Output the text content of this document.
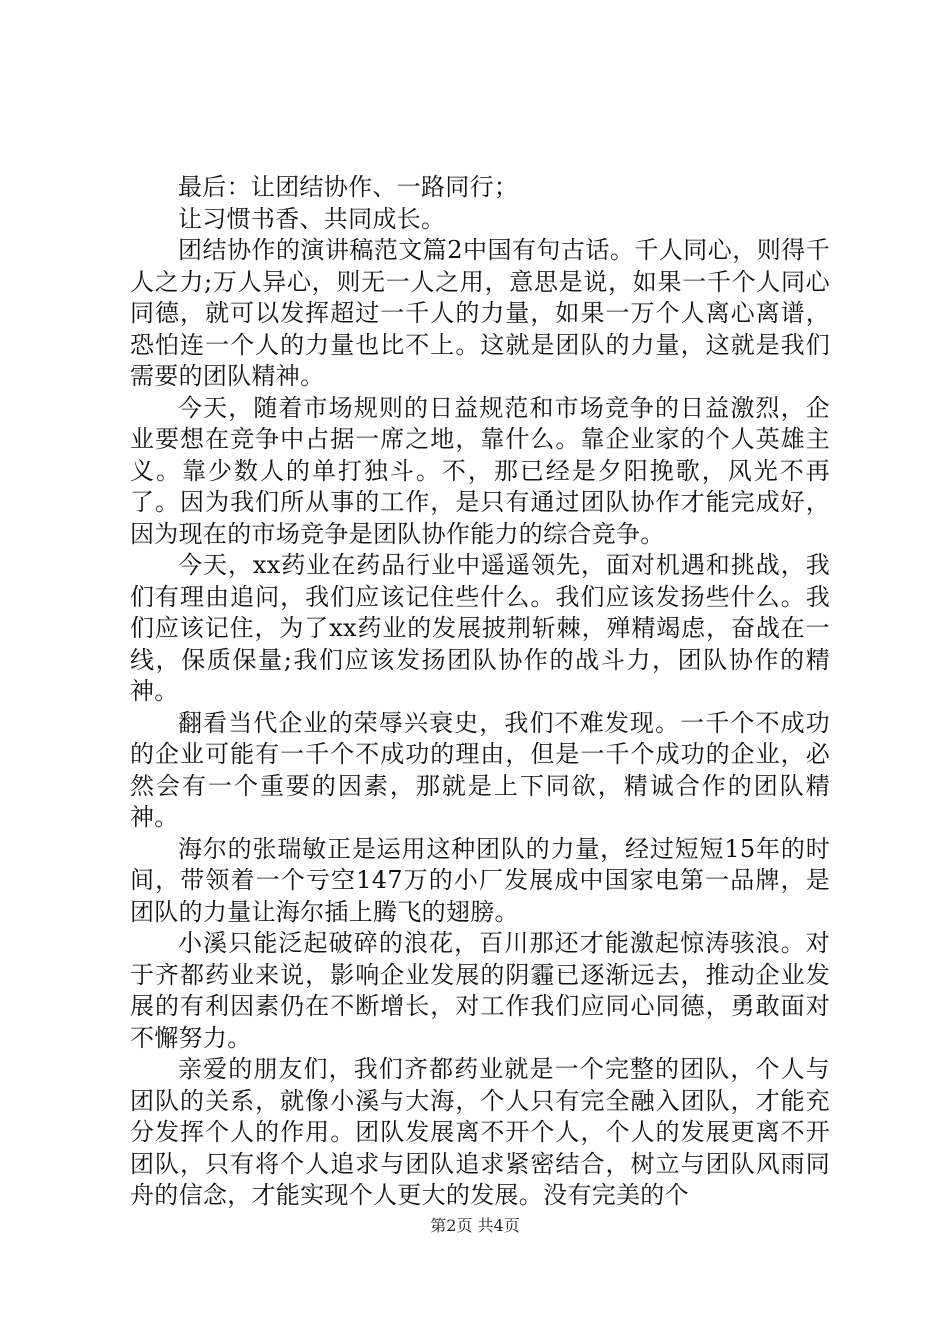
最后：让团结协作、一路同行；

让习惯书香、共同成长。

团结协作的演讲稿范文篇2中国有句古话。千人同心，则得千人之力;万人异心，则无一人之用，意思是说，如果一千个人同心同德，就可以发挥超过一千人的力量，如果一万个人离心离谱，恐怕连一个人的力量也比不上。这就是团队的力量，这就是我们需要的团队精神。

今天，随着市场规则的日益规范和市场竞争的日益激烈，企业要想在竞争中占据一席之地，靠什么。靠企业家的个人英雄主义。靠少数人的单打独斗。不，那已经是夕阳挽歌，风光不再了。因为我们所从事的工作，是只有通过团队协作才能完成好，因为现在的市场竞争是团队协作能力的综合竞争。

今天，xx药业在药品行业中遥遥领先，面对机遇和挑战，我们有理由追问，我们应该记住些什么。我们应该发扬些什么。我们应该记住，为了xx药业的发展披荆斩棘，殚精竭虑，奋战在一线，保质保量;我们应该发扬团队协作的战斗力，团队协作的精神。

翻看当代企业的荣辱兴衰史，我们不难发现。一千个不成功的企业可能有一千个不成功的理由，但是一千个成功的企业，必然会有一个重要的因素，那就是上下同欲，精诚合作的团队精神。

海尔的张瑞敏正是运用这种团队的力量，经过短短15年的时间，带领着一个亏空147万的小厂发展成中国家电第一品牌，是团队的力量让海尔插上腾飞的翅膀。

小溪只能泛起破碎的浪花，百川那还才能激起惊涛骇浪。对于齐都药业来说，影响企业发展的阴霾已逐渐远去，推动企业发展的有利因素仍在不断增长，对工作我们应同心同德，勇敢面对不懈努力。

亲爱的朋友们，我们齐都药业就是一个完整的团队，个人与团队的关系，就像小溪与大海，个人只有完全融入团队，才能充分发挥个人的作用。团队发展离不开个人，个人的发展更离不开团队，只有将个人追求与团队追求紧密结合，树立与团队风雨同舟的信念，才能实现个人更大的发展。没有完美的个

第2页 共4页
